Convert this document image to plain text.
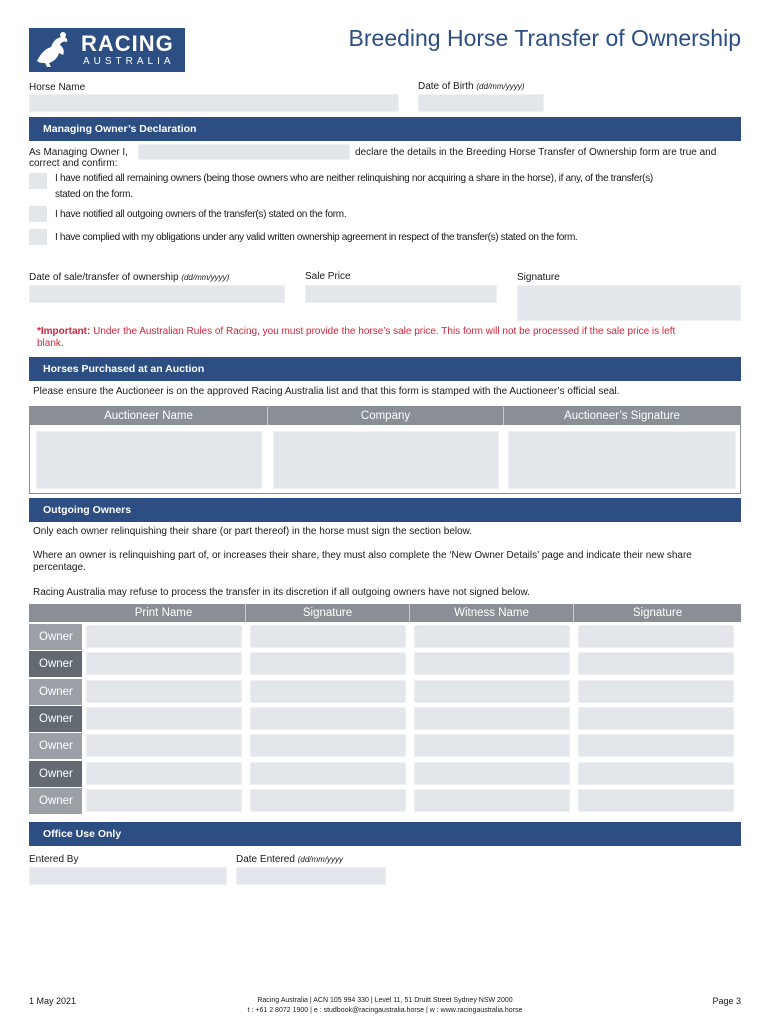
RACING
AUSTRALIA
Breeding Horse Transfer of Ownership
Horse Name	Date of Birth (dd/mm/yyyy)
Managing Owner’s Declaration
As Managing Owner I,	declare the details in the Breeding Horse Transfer of Ownership form are true and
correct and confirm:
I have notified all remaining owners (being those owners who are neither relinquishing nor acquiring a share in the horse), if any, of the transfer(s)
stated on the form.
I have notified all outgoing owners of the transfer(s) stated on the form.
I have complied with my obligations under any valid written ownership agreement in respect of the transfer(s) stated on the form.
Date of sale/transfer of ownership (dd/mm/yyyy)	Sale Price	Signature
*Important: Under the Australian Rules of Racing, you must provide the horse’s sale price. This form will not be processed if the sale price is left
blank.
Horses Purchased at an Auction
Please ensure the Auctioneer is on the approved Racing Australia list and that this form is stamped with the Auctioneer’s official seal.
Auctioneer Name	Company	Auctioneer’s Signature
Outgoing Owners
Only each owner relinquishing their share (or part thereof) in the horse must sign the section below.
Where an owner is relinquishing part of, or increases their share, they must also complete the ‘New Owner Details’ page and indicate their new share
percentage.
Racing Australia may refuse to process the transfer in its discretion if all outgoing owners have not signed below.
Print Name	Signature	Witness Name	Signature
Owner
Owner
Owner
Owner
Owner
Owner
Owner
Office Use Only
Entered By	Date Entered (dd/mm/yyyy
1 May 2021	Racing Australia | ACN 105 994 330 | Level 11, 51 Druitt Street Sydney NSW 2000
t : +61 2 8072 1900 | e : studbook@racingaustralia.horse | w : www.racingaustralia.horse
Page 3
